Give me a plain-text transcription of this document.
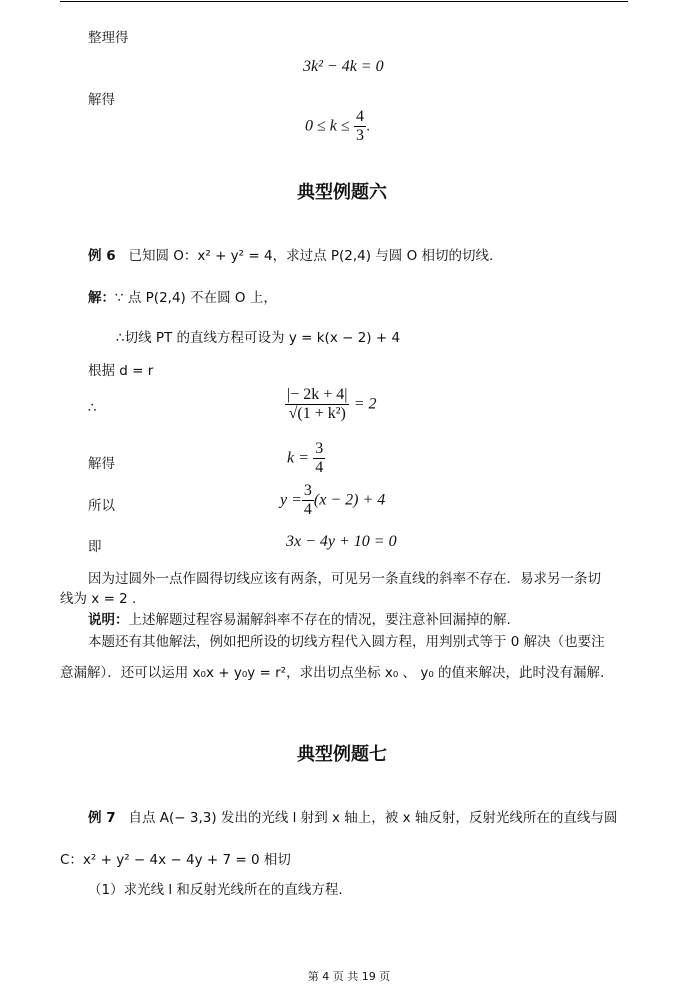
整理得
3k² − 4k = 0
解得
$0 \le k \le \frac{4}{3}$ .
典型例题六
例 6 已知圆 O：x² + y² = 4，求过点 P(2,4) 与圆 O 相切的切线.
解：∵ 点 P(2,4) 不在圆 O 上，
∴切线 PT 的直线方程可设为 y = k(x − 2) + 4
根据 d = r
∴	$\frac{|- 2k + 4|}{\text{√(1 + k²)}} = 2$
解得	$k = \frac{3}{4}$
所以	$y = \frac{3}{4} (x - 2) + 4$
即	3x − 4y + 10 = 0
因为过圆外一点作圆得切线应该有两条，可见另一条直线的斜率不存在．易求另一条切
线为 x = 2 .
说明：上述解题过程容易漏解斜率不存在的情况，要注意补回漏掉的解.
本题还有其他解法，例如把所设的切线方程代入圆方程，用判别式等于 0 解决（也要注
意漏解）．还可以运用 x₀x + y₀y = r²，求出切点坐标 x₀ 、 y₀ 的值来解决，此时没有漏解.
典型例题七
例 7 自点 A(− 3,3) 发出的光线 l 射到 x 轴上，被 x 轴反射，反射光线所在的直线与圆
C：x² + y² − 4x − 4y + 7 = 0 相切
（1）求光线 l 和反射光线所在的直线方程.
第 4 页 共 19 页
